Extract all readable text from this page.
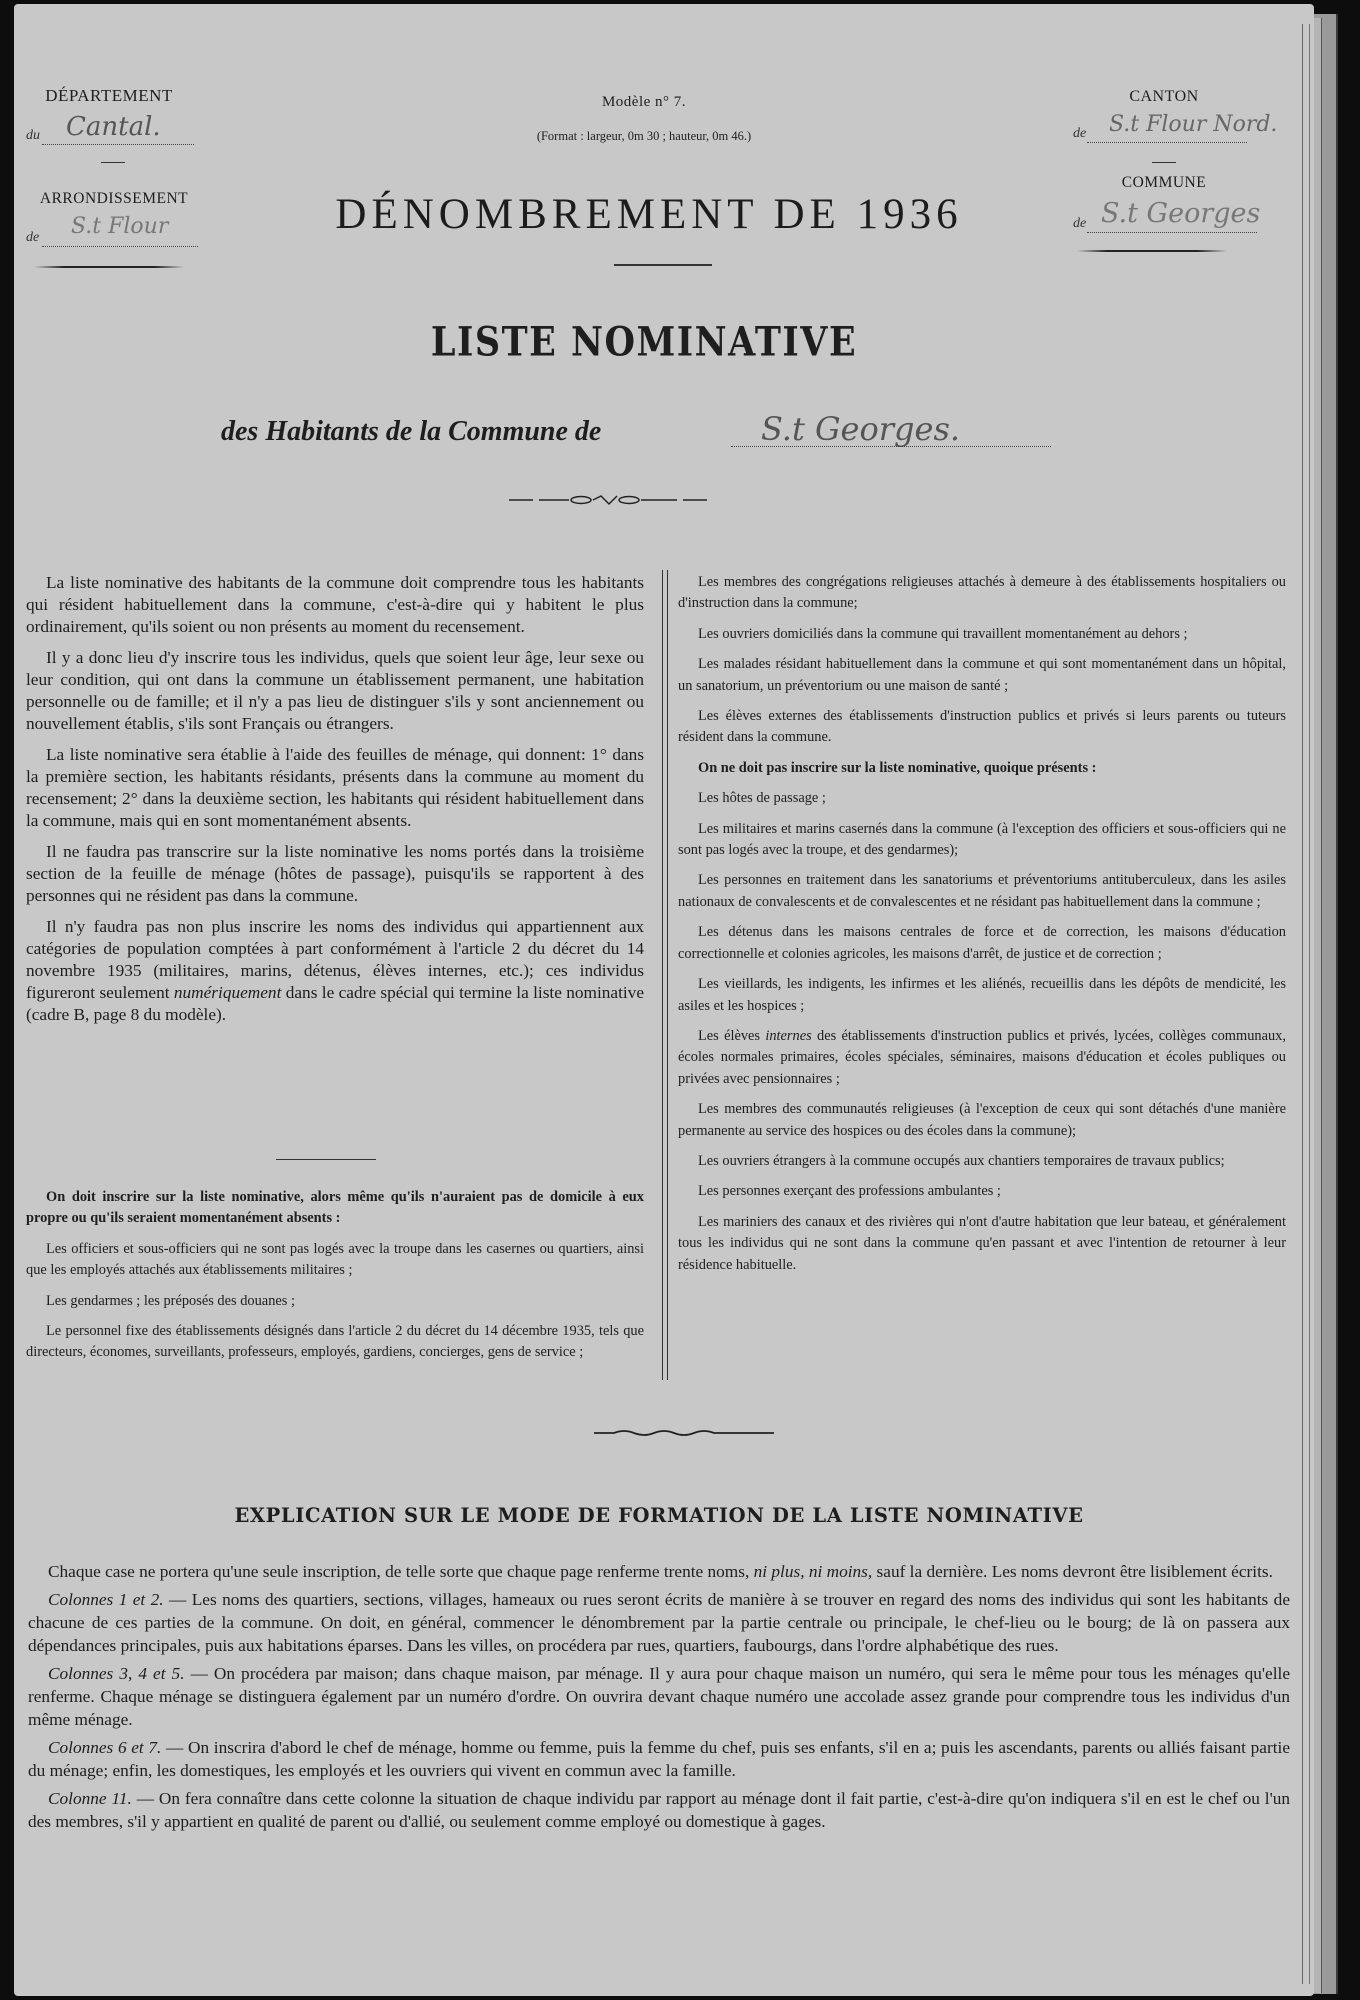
DÉPARTEMENT
du Cantal.
ARRONDISSEMENT
de S.t Flour
Modèle n° 7.
(Format : largeur, 0m 30 ; hauteur, 0m 46.)
DÉNOMBREMENT DE 1936
CANTON
de S.t Flour Nord.
COMMUNE
de S.t Georges
LISTE NOMINATIVE
des Habitants de la Commune de	S.t Georges.

La liste nominative des habitants de la commune doit comprendre tous les habitants qui résident habituellement dans la commune, c'est-à-dire qui y habitent le plus ordinairement, qu'ils soient ou non présents au moment du recensement.

Il y a donc lieu d'y inscrire tous les individus, quels que soient leur âge, leur sexe ou leur condition, qui ont dans la commune un établissement permanent, une habitation personnelle ou de famille; et il n'y a pas lieu de distinguer s'ils y sont anciennement ou nouvellement établis, s'ils sont Français ou étrangers.

La liste nominative sera établie à l'aide des feuilles de ménage, qui donnent: 1° dans la première section, les habitants résidants, présents dans la commune au moment du recensement; 2° dans la deuxième section, les habitants qui résident habituellement dans la commune, mais qui en sont momentanément absents.

Il ne faudra pas transcrire sur la liste nominative les noms portés dans la troisième section de la feuille de ménage (hôtes de passage), puisqu'ils se rapportent à des personnes qui ne résident pas dans la commune.

Il n'y faudra pas non plus inscrire les noms des individus qui appartiennent aux catégories de population comptées à part conformément à l'article 2 du décret du 14 novembre 1935 (militaires, marins, détenus, élèves internes, etc.); ces individus figureront seulement numériquement dans le cadre spécial qui termine la liste nominative (cadre B, page 8 du modèle).

On doit inscrire sur la liste nominative, alors même qu'ils n'auraient pas de domicile à eux propre ou qu'ils seraient momentanément absents :

Les officiers et sous-officiers qui ne sont pas logés avec la troupe dans les casernes ou quartiers, ainsi que les employés attachés aux établissements militaires ;

Les gendarmes ; les préposés des douanes ;

Le personnel fixe des établissements désignés dans l'article 2 du décret du 14 décembre 1935, tels que directeurs, économes, surveillants, professeurs, employés, gardiens, concierges, gens de service ;

Les membres des congrégations religieuses attachés à demeure à des établissements hospitaliers ou d'instruction dans la commune;

Les ouvriers domiciliés dans la commune qui travaillent momentanément au dehors ;

Les malades résidant habituellement dans la commune et qui sont momentanément dans un hôpital, un sanatorium, un préventorium ou une maison de santé ;

Les élèves externes des établissements d'instruction publics et privés si leurs parents ou tuteurs résident dans la commune.

On ne doit pas inscrire sur la liste nominative, quoique présents :

Les hôtes de passage ;

Les militaires et marins casernés dans la commune (à l'exception des officiers et sous-officiers qui ne sont pas logés avec la troupe, et des gendarmes);

Les personnes en traitement dans les sanatoriums et préventoriums antituberculeux, dans les asiles nationaux de convalescents et de convalescentes et ne résidant pas habituellement dans la commune ;

Les détenus dans les maisons centrales de force et de correction, les maisons d'éducation correctionnelle et colonies agricoles, les maisons d'arrêt, de justice et de correction ;

Les vieillards, les indigents, les infirmes et les aliénés, recueillis dans les dépôts de mendicité, les asiles et les hospices ;

Les élèves internes des établissements d'instruction publics et privés, lycées, collèges communaux, écoles normales primaires, écoles spéciales, séminaires, maisons d'éducation et écoles publiques ou privées avec pensionnaires ;

Les membres des communautés religieuses (à l'exception de ceux qui sont détachés d'une manière permanente au service des hospices ou des écoles dans la commune);

Les ouvriers étrangers à la commune occupés aux chantiers temporaires de travaux publics;

Les personnes exerçant des professions ambulantes ;

Les mariniers des canaux et des rivières qui n'ont d'autre habitation que leur bateau, et généralement tous les individus qui ne sont dans la commune qu'en passant et avec l'intention de retourner à leur résidence habituelle.

EXPLICATION SUR LE MODE DE FORMATION DE LA LISTE NOMINATIVE

Chaque case ne portera qu'une seule inscription, de telle sorte que chaque page renferme trente noms, ni plus, ni moins, sauf la dernière. Les noms devront être lisiblement écrits.

Colonnes 1 et 2. — Les noms des quartiers, sections, villages, hameaux ou rues seront écrits de manière à se trouver en regard des noms des individus qui sont les habitants de chacune de ces parties de la commune. On doit, en général, commencer le dénombrement par la partie centrale ou principale, le chef-lieu ou le bourg; de là on passera aux dépendances principales, puis aux habitations éparses. Dans les villes, on procédera par rues, quartiers, faubourgs, dans l'ordre alphabétique des rues.

Colonnes 3, 4 et 5. — On procédera par maison; dans chaque maison, par ménage. Il y aura pour chaque maison un numéro, qui sera le même pour tous les ménages qu'elle renferme. Chaque ménage se distinguera également par un numéro d'ordre. On ouvrira devant chaque numéro une accolade assez grande pour comprendre tous les individus d'un même ménage.

Colonnes 6 et 7. — On inscrira d'abord le chef de ménage, homme ou femme, puis la femme du chef, puis ses enfants, s'il en a; puis les ascendants, parents ou alliés faisant partie du ménage; enfin, les domestiques, les employés et les ouvriers qui vivent en commun avec la famille.

Colonne 11. — On fera connaître dans cette colonne la situation de chaque individu par rapport au ménage dont il fait partie, c'est-à-dire qu'on indiquera s'il en est le chef ou l'un des membres, s'il y appartient en qualité de parent ou d'allié, ou seulement comme employé ou domestique à gages.
